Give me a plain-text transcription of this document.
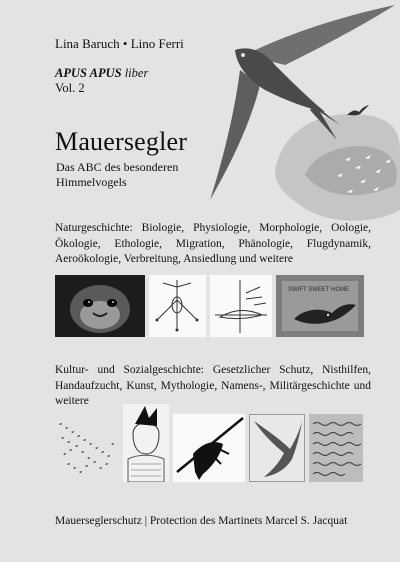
Lina Baruch • Lino Ferri
APUS APUS liber
Vol. 2
Mauersegler
Das ABC des besonderen
Himmelvogels
Naturgeschichte: Biologie, Physiologie, Morphologie, Oologie, Ökologie, Ethologie, Migration, Phänologie, Flugdynamik, Aeroökologie, Verbreitung, Ansiedlung und weitere
SWIFT SWEET HOME
Kultur- und Sozialgeschichte: Gesetzlicher Schutz, Nisthilfen, Handaufzucht, Kunst, Mythologie, Namens-, Militärgeschichte und weitere
Mauerseglerschutz | Protection des Martinets Marcel S. Jacquat
